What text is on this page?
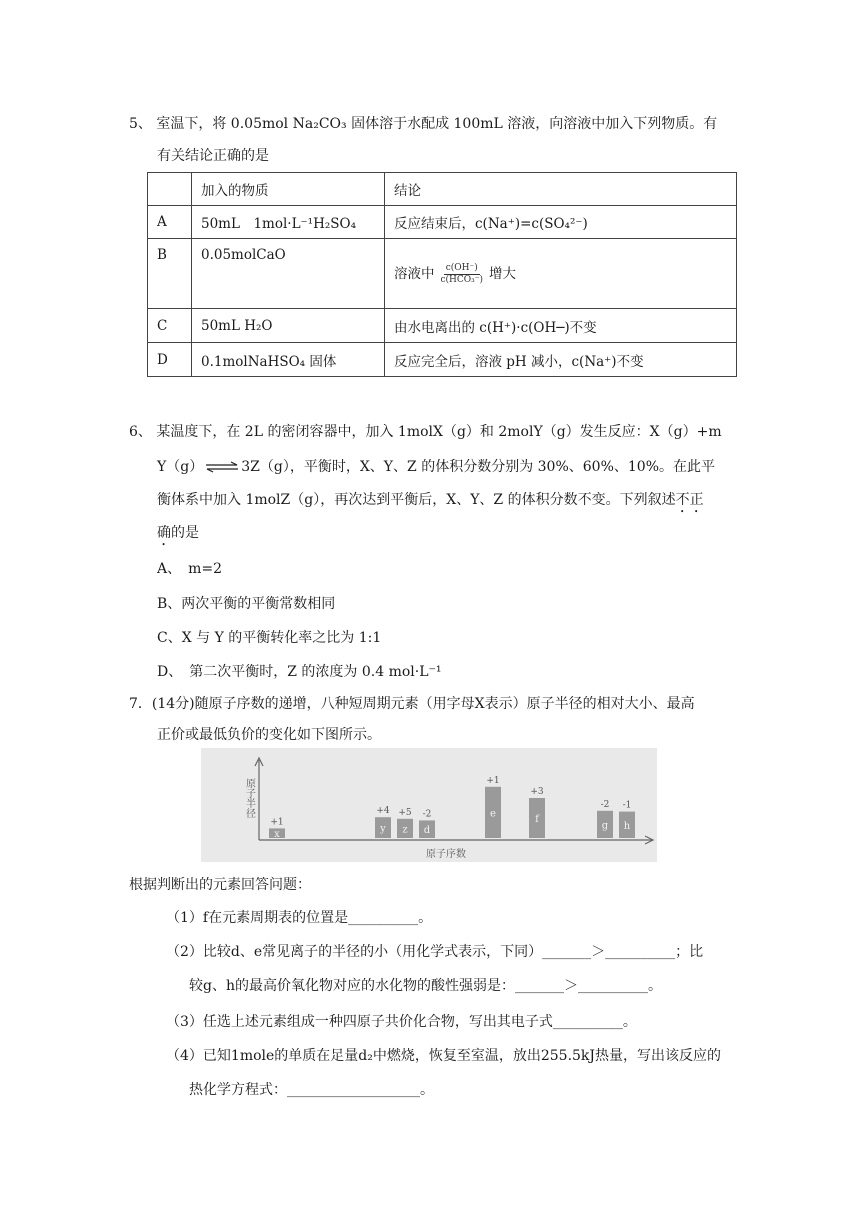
5、 室温下，将 0.05mol Na₂CO₃ 固体溶于水配成 100mL 溶液，向溶液中加入下列物质。有
有关结论正确的是
	加入的物质	结论
A	50mL　1mol·L⁻¹H₂SO₄	反应结束后，c(Na⁺)=c(SO₄²⁻)
B	0.05molCaO	溶液中 $\frac{c(OH^-)}{\text{c(HCO₃⁻)}}$ 增大
C	50mL H₂O	由水电离出的 c(H⁺)·c(OH─)不变
D	0.1molNaHSO₄ 固体	反应完全后，溶液 pH 减小，c(Na⁺)不变
6、 某温度下，在 2L 的密闭容器中，加入 1molX（g）和 2molY（g）发生反应：X（g）+m
Y（g） ⇌ 3Z（g），平衡时，X、Y、Z 的体积分数分别为 30%、60%、10%。在此平
衡体系中加入 1molZ（g），再次达到平衡后，X、Y、Z 的体积分数不变。下列叙述不正
确的是
A、　m=2
B、两次平衡的平衡常数相同
C、X 与 Y 的平衡转化率之比为 1:1
D、　第二次平衡时，Z 的浓度为 0.4 mol·L⁻¹
7．(14分)随原子序数的递增，八种短周期元素（用字母X表示）原子半径的相对大小、最高
正价或最低负价的变化如下图所示。
原子半径
原子序数
x
+1
y
+4
z
+5
d
-2	e
+1
f
+3
g
-2
h
-1
根据判断出的元素回答问题：
（1）f在元素周期表的位置是__________。
（2）比较d、e常见离子的半径的小（用化学式表示，下同）_______＞__________；比
较g、h的最高价氧化物对应的水化物的酸性强弱是：_______＞__________。
（3）任选上述元素组成一种四原子共价化合物，写出其电子式__________。
（4）已知1mole的单质在足量d₂中燃烧，恢复至室温，放出255.5kJ热量，写出该反应的
热化学方程式：___________________。
